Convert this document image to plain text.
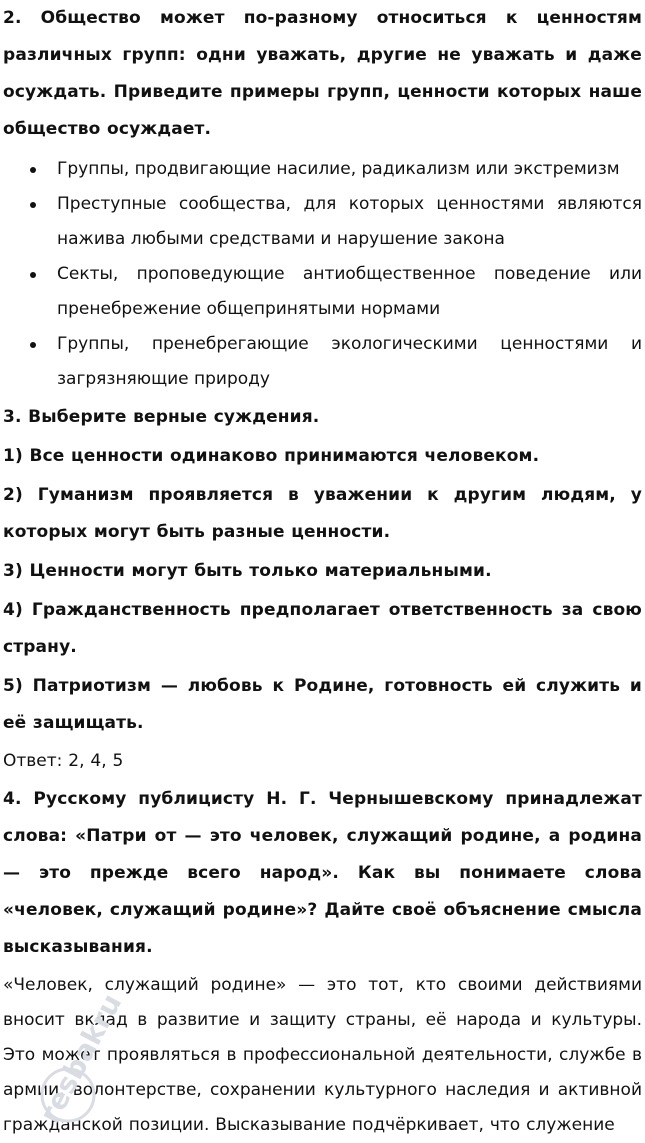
2. Общество может по-разному относиться к ценностям различных групп: одни уважать, другие не уважать и даже осуждать. Приведите примеры групп, ценности которых наше общество осуждает.

Группы, продвигающие насилие, радикализм или экстремизм
Преступные сообщества, для которых ценностями являются нажива любыми средствами и нарушение закона
Секты, проповедующие антиобщественное поведение или пренебрежение общепринятыми нормами
Группы, пренебрегающие экологическими ценностями и загрязняющие природу

3. Выберите верные суждения.

1) Все ценности одинаково принимаются человеком.

2) Гуманизм проявляется в уважении к другим людям, у которых могут быть разные ценности.

3) Ценности могут быть только материальными.

4) Гражданственность предполагает ответственность за свою страну.

5) Патриотизм — любовь к Родине, готовность ей служить и её защищать.

Ответ: 2, 4, 5

4. Русскому публицисту Н. Г. Чернышевскому принадлежат слова: «Патри от — это человек, служащий родине, а родина — это прежде всего народ». Как вы понимаете слова «человек, служащий родине»? Дайте своё объяснение смысла высказывания.

«Человек, служащий родине» — это тот, кто своими действиями вносит вклад в развитие и защиту страны, её народа и культуры. Это может проявляться в профессиональной деятельности, службе в армии, волонтерстве, сохранении культурного наследия и активной гражданской позиции. Высказывание подчёркивает, что служение

resbakru
